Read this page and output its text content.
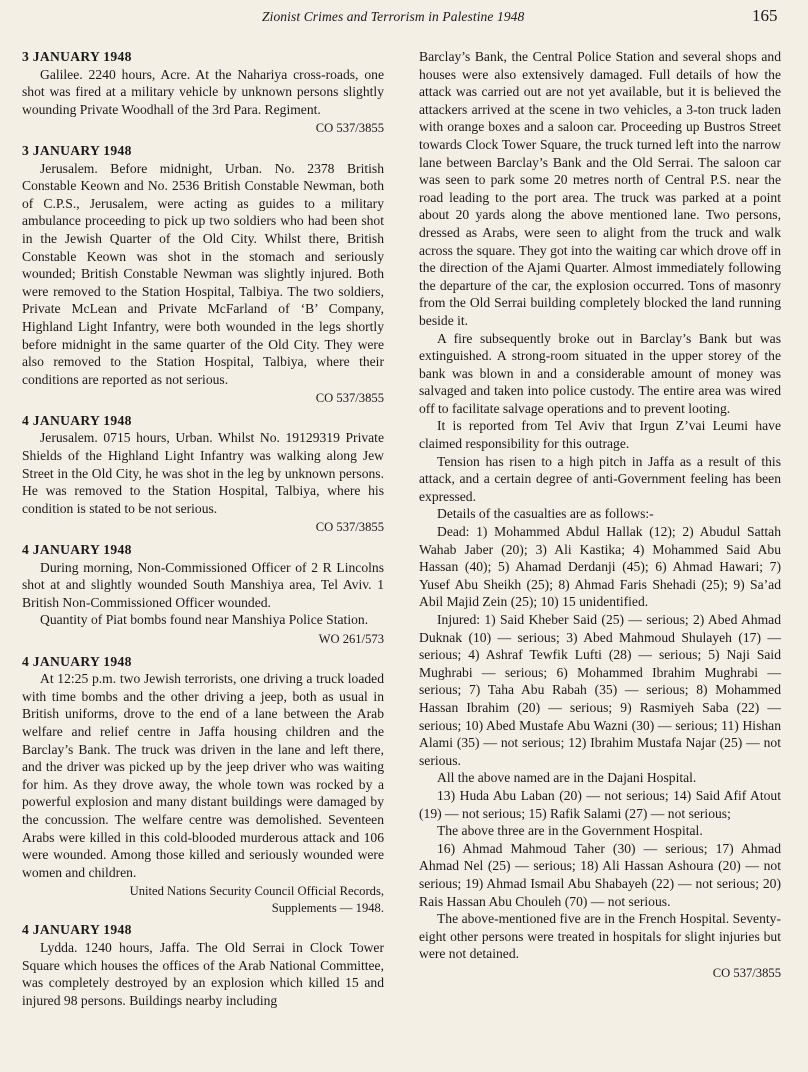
Zionist Crimes and Terrorism in Palestine 1948	165
3 JANUARY 1948

Galilee. 2240 hours, Acre. At the Nahariya cross-roads, one shot was fired at a military vehicle by unknown persons slightly wounding Private Woodhall of the 3rd Para. Regiment.

CO 537/3855
3 JANUARY 1948

Jerusalem. Before midnight, Urban. No. 2378 British Constable Keown and No. 2536 British Constable Newman, both of C.P.S., Jerusalem, were acting as guides to a military ambulance proceeding to pick up two soldiers who had been shot in the Jewish Quarter of the Old City. Whilst there, British Constable Keown was shot in the stomach and seriously wounded; British Constable Newman was slightly injured. Both were removed to the Station Hospital, Talbiya. The two soldiers, Private McLean and Private McFarland of ‘B’ Company, Highland Light Infantry, were both wounded in the legs shortly before midnight in the same quarter of the Old City. They were also removed to the Station Hospital, Talbiya, where their conditions are reported as not serious.

CO 537/3855
4 JANUARY 1948

Jerusalem. 0715 hours, Urban. Whilst No. 19129319 Private Shields of the Highland Light Infantry was walking along Jew Street in the Old City, he was shot in the leg by unknown persons. He was removed to the Station Hospital, Talbiya, where his condition is stated to be not serious.

CO 537/3855
4 JANUARY 1948

During morning, Non-Commissioned Officer of 2 R Lincolns shot at and slightly wounded South Manshiya area, Tel Aviv. 1 British Non-Commissioned Officer wounded.

Quantity of Piat bombs found near Manshiya Police Station.

WO 261/573
4 JANUARY 1948

At 12:25 p.m. two Jewish terrorists, one driving a truck loaded with time bombs and the other driving a jeep, both as usual in British uniforms, drove to the end of a lane between the Arab welfare and relief centre in Jaffa housing children and the Barclay’s Bank. The truck was driven in the lane and left there, and the driver was picked up by the jeep driver who was waiting for him. As they drove away, the whole town was rocked by a powerful explosion and many distant buildings were damaged by the concussion. The welfare centre was demolished. Seventeen Arabs were killed in this cold-blooded murderous attack and 106 were wounded. Among those killed and seriously wounded were women and children.

United Nations Security Council Official Records,
Supplements — 1948.
4 JANUARY 1948

Lydda. 1240 hours, Jaffa. The Old Serrai in Clock Tower Square which houses the offices of the Arab National Committee, was completely destroyed by an explosion which killed 15 and injured 98 persons. Buildings nearby including

Barclay’s Bank, the Central Police Station and several shops and houses were also extensively damaged. Full details of how the attack was carried out are not yet available, but it is believed the attackers arrived at the scene in two vehicles, a 3-ton truck laden with orange boxes and a saloon car. Proceeding up Bustros Street towards Clock Tower Square, the truck turned left into the narrow lane between Barclay’s Bank and the Old Serrai. The saloon car was seen to park some 20 metres north of Central P.S. near the road leading to the port area. The truck was parked at a point about 20 yards along the above mentioned lane. Two persons, dressed as Arabs, were seen to alight from the truck and walk across the square. They got into the waiting car which drove off in the direction of the Ajami Quarter. Almost immediately following the departure of the car, the explosion occurred. Tons of masonry from the Old Serrai building completely blocked the land running beside it.

A fire subsequently broke out in Barclay’s Bank but was extinguished. A strong-room situated in the upper storey of the bank was blown in and a considerable amount of money was salvaged and taken into police custody. The entire area was wired off to facilitate salvage operations and to prevent looting.

It is reported from Tel Aviv that Irgun Z’vai Leumi have claimed responsibility for this outrage.

Tension has risen to a high pitch in Jaffa as a result of this attack, and a certain degree of anti-Government feeling has been expressed.

Details of the casualties are as follows:-

Dead: 1) Mohammed Abdul Hallak (12); 2) Abudul Sattah Wahab Jaber (20); 3) Ali Kastika; 4) Mohammed Said Abu Hassan (40); 5) Ahamad Derdanji (45); 6) Ahmad Hawari; 7) Yusef Abu Sheikh (25); 8) Ahmad Faris Shehadi (25); 9) Sa’ad Abil Majid Zein (25); 10) 15 unidentified.

Injured: 1) Said Kheber Said (25) — serious; 2) Abed Ahmad Duknak (10) — serious; 3) Abed Mahmoud Shulayeh (17) — serious; 4) Ashraf Tewfik Lufti (28) — serious; 5) Naji Said Mughrabi — serious; 6) Mohammed Ibrahim Mughrabi — serious; 7) Taha Abu Rabah (35) — serious; 8) Mohammed Hassan Ibrahim (20) — serious; 9) Rasmiyeh Saba (22) — serious; 10) Abed Mustafe Abu Wazni (30) — serious; 11) Hishan Alami (35) — not serious; 12) Ibrahim Mustafa Najar (25) — not serious.

All the above named are in the Dajani Hospital.

13) Huda Abu Laban (20) — not serious; 14) Said Afif Atout (19) — not serious; 15) Rafik Salami (27) — not serious;

The above three are in the Government Hospital.

16) Ahmad Mahmoud Taher (30) — serious; 17) Ahmad Ahmad Nel (25) — serious; 18) Ali Hassan Ashoura (20) — not serious; 19) Ahmad Ismail Abu Shabayeh (22) — not serious; 20) Rais Hassan Abu Chouleh (70) — not serious.

The above-mentioned five are in the French Hospital. Seventy-eight other persons were treated in hospitals for slight injuries but were not detained.

CO 537/3855
